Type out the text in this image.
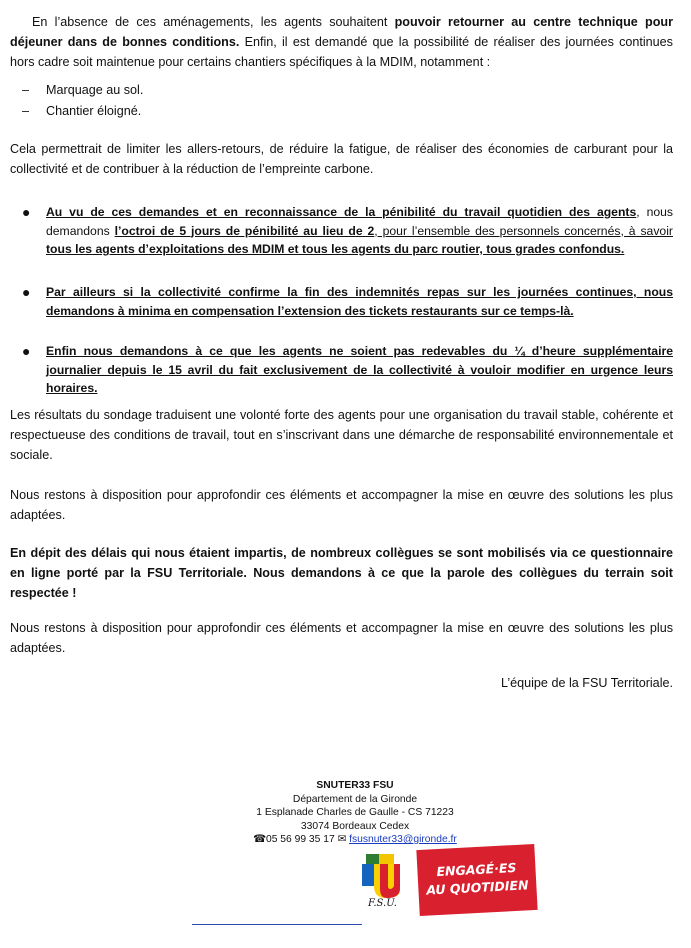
En l’absence de ces aménagements, les agents souhaitent pouvoir retourner au centre technique pour déjeuner dans de bonnes conditions. Enfin, il est demandé que la possibilité de réaliser des journées continues hors cadre soit maintenue pour certains chantiers spécifiques à la MDIM, notamment :
– Marquage au sol.
– Chantier éloigné.
Cela permettrait de limiter les allers-retours, de réduire la fatigue, de réaliser des économies de carburant pour la collectivité et de contribuer à la réduction de l’empreinte carbone.
● Au vu de ces demandes et en reconnaissance de la pénibilité du travail quotidien des agents, nous demandons l’octroi de 5 jours de pénibilité au lieu de 2, pour l’ensemble des personnels concernés, à savoir tous les agents d’exploitations des MDIM et tous les agents du parc routier, tous grades confondus.
● Par ailleurs si la collectivité confirme la fin des indemnités repas sur les journées continues, nous demandons à minima en compensation l’extension des tickets restaurants sur ce temps-là.
● Enfin nous demandons à ce que les agents ne soient pas redevables du ¼ d’heure supplémentaire journalier depuis le 15 avril du fait exclusivement de la collectivité à vouloir modifier en urgence leurs horaires.
Les résultats du sondage traduisent une volonté forte des agents pour une organisation du travail stable, cohérente et respectueuse des conditions de travail, tout en s’inscrivant dans une démarche de responsabilité environnementale et sociale.
Nous restons à disposition pour approfondir ces éléments et accompagner la mise en œuvre des solutions les plus adaptées.
En dépit des délais qui nous étaient impartis, de nombreux collègues se sont mobilisés via ce questionnaire en ligne porté par la FSU Territoriale. Nous demandons à ce que la parole des collègues du terrain soit respectée !
Nous restons à disposition pour approfondir ces éléments et accompagner la mise en œuvre des solutions les plus adaptées.
L’équipe de la FSU Territoriale.
SNUTER33 FSU
Département de la Gironde
1 Esplanade Charles de Gaulle - CS 71223
33074 Bordeaux Cedex
☎05 56 99 35 17 ✉ fsusnuter33@gironde.fr
F.S.U.
ENGAGÉ·ES
AU QUOTIDIEN
